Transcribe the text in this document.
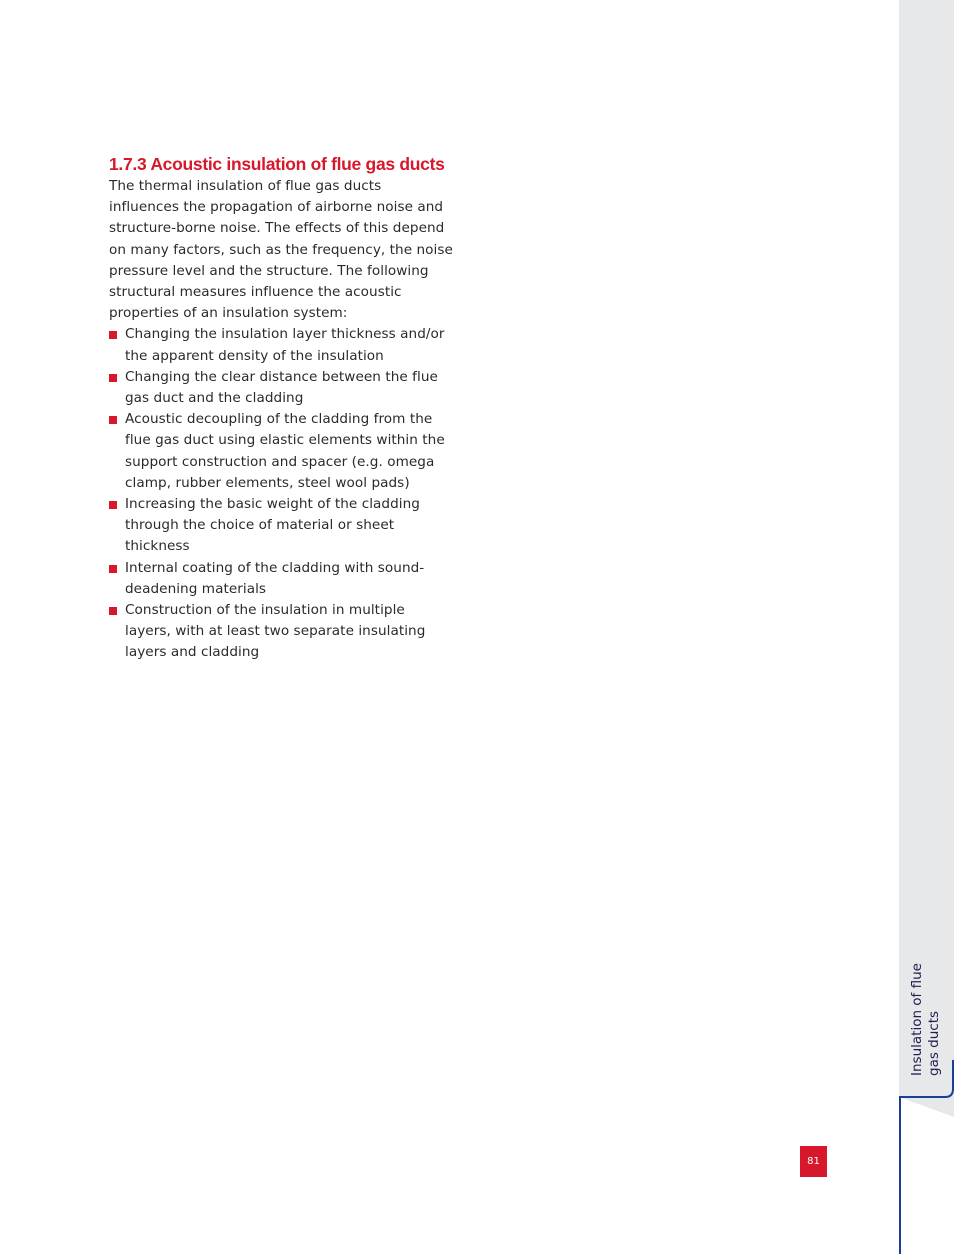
1.7.3 Acoustic insulation of flue gas ducts

The thermal insulation of flue gas ducts influences the propagation of airborne noise and structure-borne noise. The effects of this depend on many factors, such as the frequency, the noise pressure level and the structure. The following structural measures influence the acoustic properties of an insulation system:

Changing the insulation layer thickness and/or the apparent density of the insulation
Changing the clear distance between the flue gas duct and the cladding
Acoustic decoupling of the cladding from the flue gas duct using elastic elements within the support construction and spacer (e.g. omega clamp, rubber elements, steel wool pads)
Increasing the basic weight of the cladding through the choice of material or sheet thickness
Internal coating of the cladding with sound-deadening materials
Construction of the insulation in multiple layers, with at least two separate insulating layers and cladding
Insulation of flue gas ducts
81
